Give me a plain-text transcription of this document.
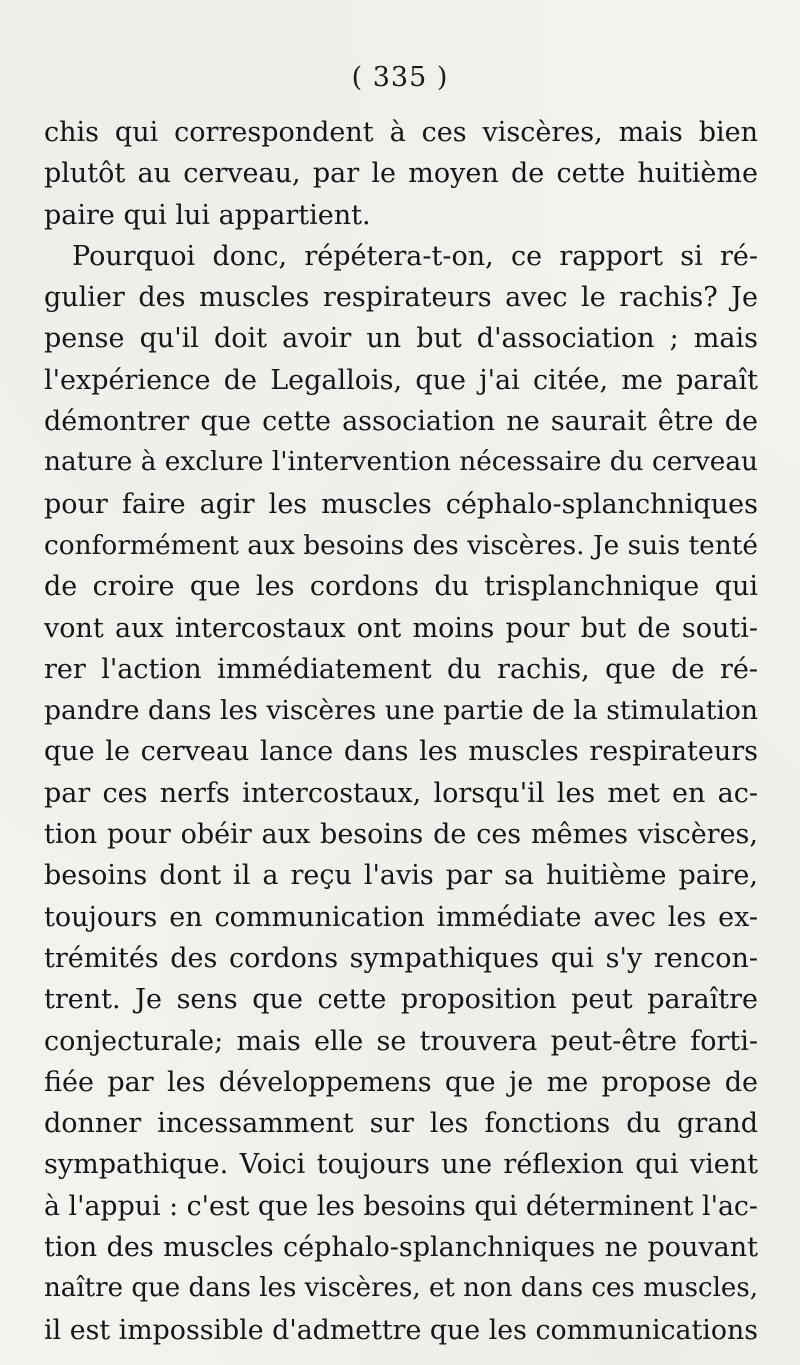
( 335 )

chis qui correspondent à ces viscères, mais bien
plutôt au cerveau, par le moyen de cette huitième
paire qui lui appartient.
Pourquoi donc, répétera-t-on, ce rapport si ré-
gulier des muscles respirateurs avec le rachis? Je
pense qu'il doit avoir un but d'association ; mais
l'expérience de Legallois, que j'ai citée, me paraît
démontrer que cette association ne saurait être de
nature à exclure l'intervention nécessaire du cerveau
pour faire agir les muscles céphalo-splanchniques
conformément aux besoins des viscères. Je suis tenté
de croire que les cordons du trisplanchnique qui
vont aux intercostaux ont moins pour but de souti-
rer l'action immédiatement du rachis, que de ré-
pandre dans les viscères une partie de la stimulation
que le cerveau lance dans les muscles respirateurs
par ces nerfs intercostaux, lorsqu'il les met en ac-
tion pour obéir aux besoins de ces mêmes viscères,
besoins dont il a reçu l'avis par sa huitième paire,
toujours en communication immédiate avec les ex-
trémités des cordons sympathiques qui s'y rencon-
trent. Je sens que cette proposition peut paraître
conjecturale; mais elle se trouvera peut-être forti-
fiée par les développemens que je me propose de
donner incessamment sur les fonctions du grand
sympathique. Voici toujours une réflexion qui vient
à l'appui : c'est que les besoins qui déterminent l'ac-
tion des muscles céphalo-splanchniques ne pouvant
naître que dans les viscères, et non dans ces muscles,
il est impossible d'admettre que les communications
